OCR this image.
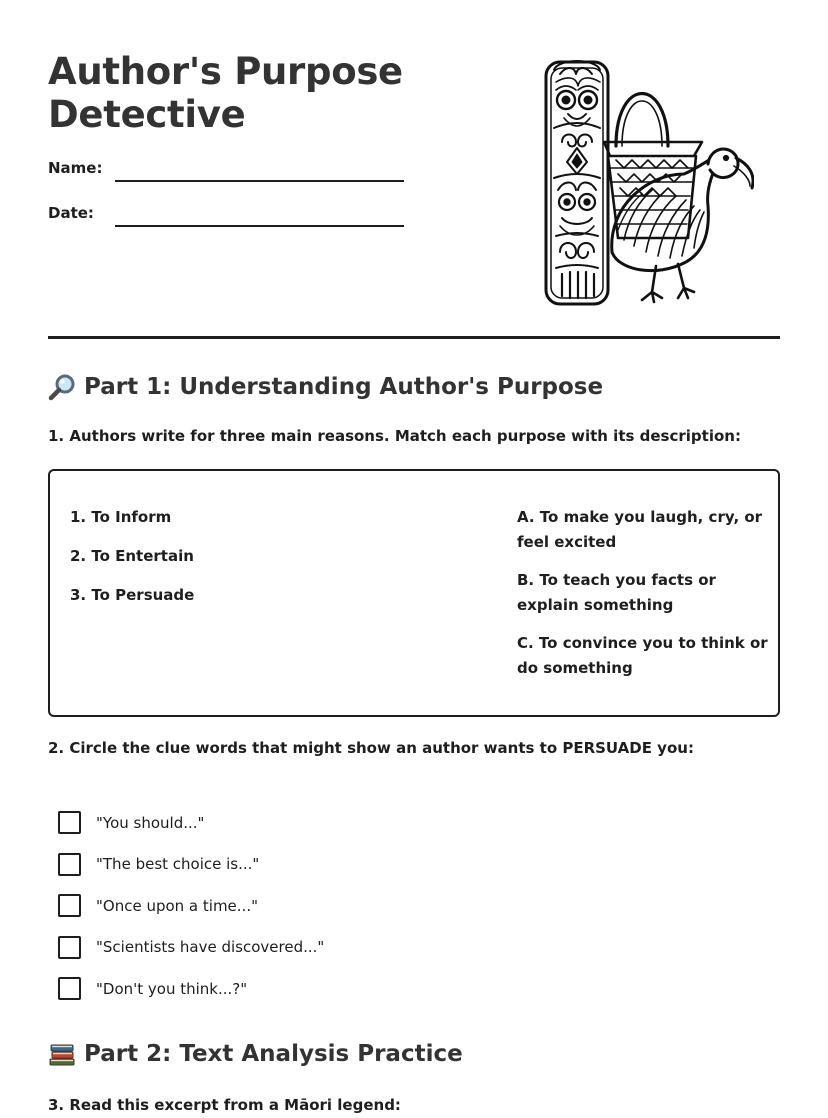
Author's Purpose Detective
Name:
Date:
Part 1: Understanding Author's Purpose

1. Authors write for three main reasons. Match each purpose with its description:

1. To Inform
2. To Entertain
3. To Persuade
A. To make you laugh, cry, or feel excited
B. To teach you facts or explain something
C. To convince you to think or do something

2. Circle the clue words that might show an author wants to PERSUADE you:

"You should..."
"The best choice is..."
"Once upon a time..."
"Scientists have discovered..."
"Don't you think...?"
Part 2: Text Analysis Practice

3. Read this excerpt from a Māori legend:
